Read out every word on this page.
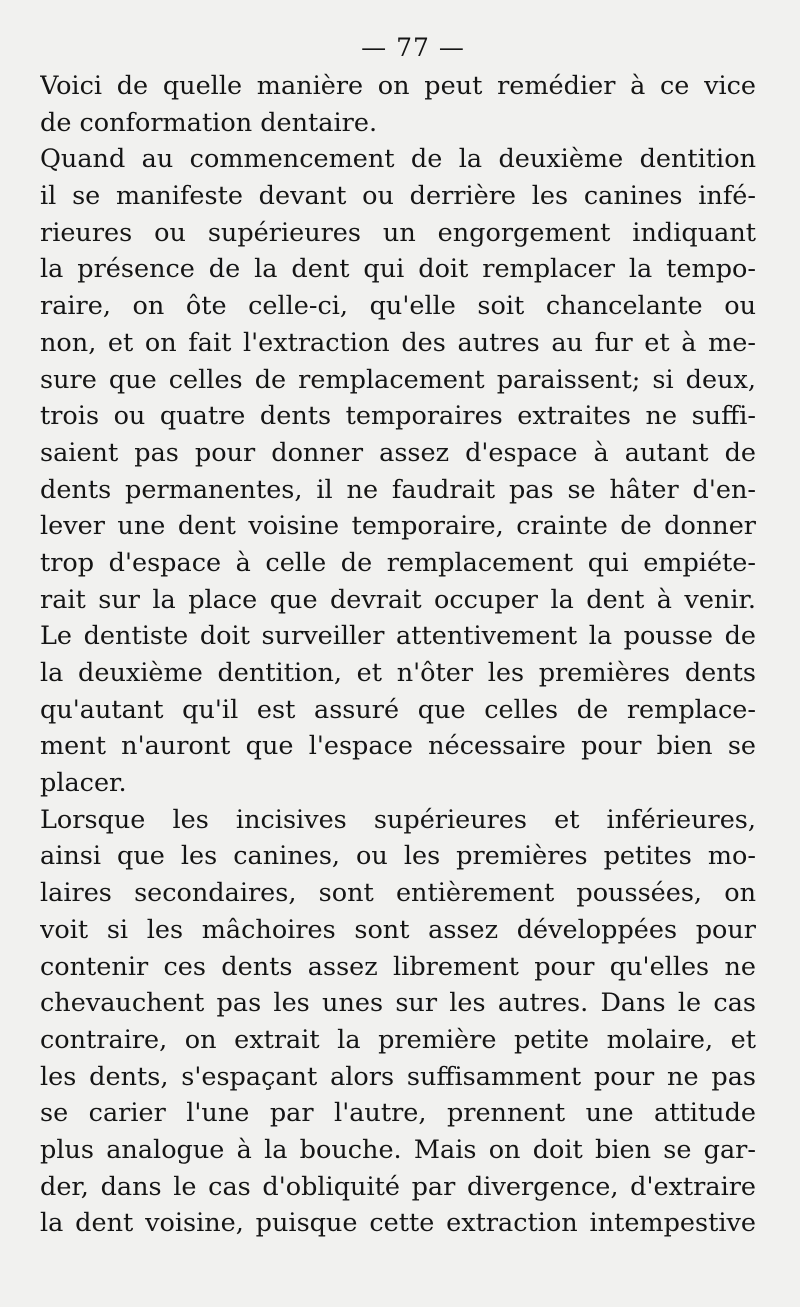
— 77 —
Voici de quelle manière on peut remédier à ce vice
de conformation dentaire.
Quand au commencement de la deuxième dentition
il se manifeste devant ou derrière les canines infé-
rieures ou supérieures un engorgement indiquant
la présence de la dent qui doit remplacer la tempo-
raire, on ôte celle-ci, qu'elle soit chancelante ou
non, et on fait l'extraction des autres au fur et à me-
sure que celles de remplacement paraissent; si deux,
trois ou quatre dents temporaires extraites ne suffi-
saient pas pour donner assez d'espace à autant de
dents permanentes, il ne faudrait pas se hâter d'en-
lever une dent voisine temporaire, crainte de donner
trop d'espace à celle de remplacement qui empiéte-
rait sur la place que devrait occuper la dent à venir.
Le dentiste doit surveiller attentivement la pousse de
la deuxième dentition, et n'ôter les premières dents
qu'autant qu'il est assuré que celles de remplace-
ment n'auront que l'espace nécessaire pour bien se
placer.
Lorsque les incisives supérieures et inférieures,
ainsi que les canines, ou les premières petites mo-
laires secondaires, sont entièrement poussées, on
voit si les mâchoires sont assez développées pour
contenir ces dents assez librement pour qu'elles ne
chevauchent pas les unes sur les autres. Dans le cas
contraire, on extrait la première petite molaire, et
les dents, s'espaçant alors suffisamment pour ne pas
se carier l'une par l'autre, prennent une attitude
plus analogue à la bouche. Mais on doit bien se gar-
der, dans le cas d'obliquité par divergence, d'extraire
la dent voisine, puisque cette extraction intempestive
